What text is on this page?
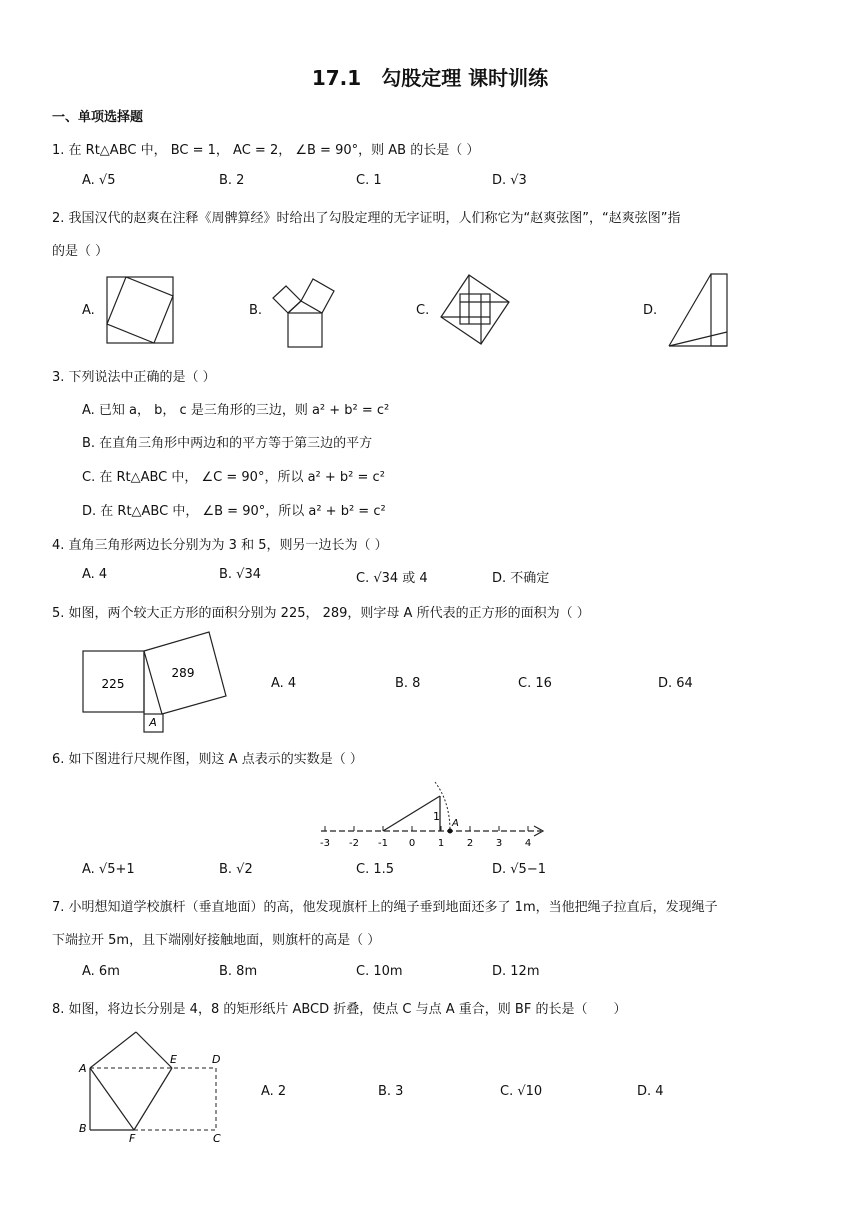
17.1　勾股定理 课时训练
一、单项选择题
1. 在 Rt△ABC 中， BC = 1， AC = 2， ∠B = 90°，则 AB 的长是（ ）
A. √5	B. 2	C. 1	D. √3
2. 我国汉代的赵爽在注释《周髀算经》时给出了勾股定理的无字证明，人们称它为“赵爽弦图”，“赵爽弦图”指
的是（ ）
A.	B.	C.	D.
3. 下列说法中正确的是（ ）
A. 已知 a， b， c 是三角形的三边，则 a² + b² = c²
B. 在直角三角形中两边和的平方等于第三边的平方
C. 在 Rt△ABC 中， ∠C = 90°，所以 a² + b² = c²
D. 在 Rt△ABC 中， ∠B = 90°，所以 a² + b² = c²
4. 直角三角形两边长分别为为 3 和 5，则另一边长为（ ）
A. 4	B. √34	C. √34 或 4	D. 不确定
5. 如图，两个较大正方形的面积分别为 225， 289，则字母 A 所代表的正方形的面积为（ ）
225
289
A
A. 4	B. 8	C. 16	D. 64
6. 如下图进行尺规作图，则这 A 点表示的实数是（ ）
-3 -2 -1 0 1 2 3 4
1
A
A. √5+1	B. √2	C. 1.5	D. √5−1
7. 小明想知道学校旗杆（垂直地面）的高，他发现旗杆上的绳子垂到地面还多了 1m，当他把绳子拉直后，发现绳子
下端拉开 5m，且下端刚好接触地面，则旗杆的高是（ ）
A. 6m	B. 8m	C. 10m	D. 12m
8. 如图，将边长分别是 4，8 的矩形纸片 ABCD 折叠，使点 C 与点 A 重合，则 BF 的长是（　　）
A
B
C
D
E
F
A. 2	B. 3	C. √10	D. 4
